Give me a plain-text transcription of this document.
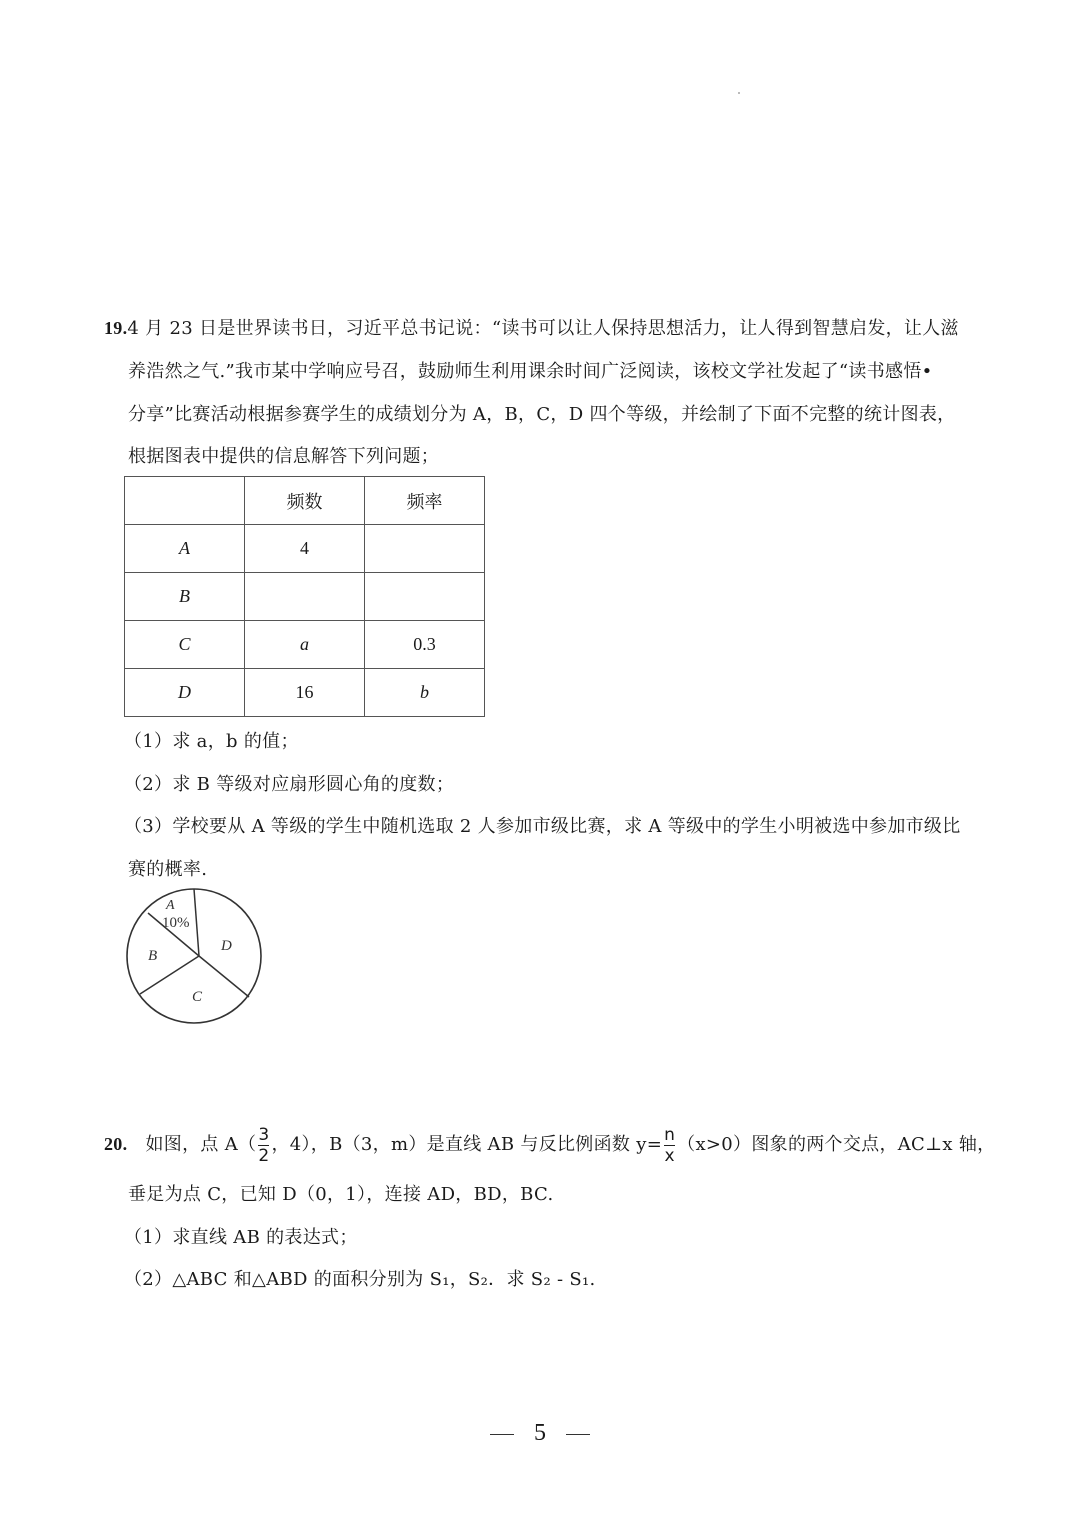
19.4 月 23 日是世界读书日，习近平总书记说：“读书可以让人保持思想活力，让人得到智慧启发，让人滋
养浩然之气.”我市某中学响应号召，鼓励师生利用课余时间广泛阅读，该校文学社发起了“读书感悟•
分享”比赛活动根据参赛学生的成绩划分为 A，B，C，D 四个等级，并绘制了下面不完整的统计图表，
根据图表中提供的信息解答下列问题；
	频数	频率
A	4	
B		
C	a	0.3
D	16	b
（1）求 a，b 的值；
（2）求 B 等级对应扇形圆心角的度数；
（3）学校要从 A 等级的学生中随机选取 2 人参加市级比赛，求 A 等级中的学生小明被选中参加市级比
赛的概率.
A
10%
B
C
D
20. 如图，点 $A( \frac{3}{2}$ ，4），B（3，m）是直线 AB 与反比例函数 $y= \frac{n}{x} (x>0)$图象的两个交点，AC⊥x 轴，
垂足为点 C，已知 D（0，1），连接 AD，BD，BC.
（1）求直线 AB 的表达式；
（2）△ABC 和△ABD 的面积分别为 S₁，S₂．求 S₂ - S₁.
5
